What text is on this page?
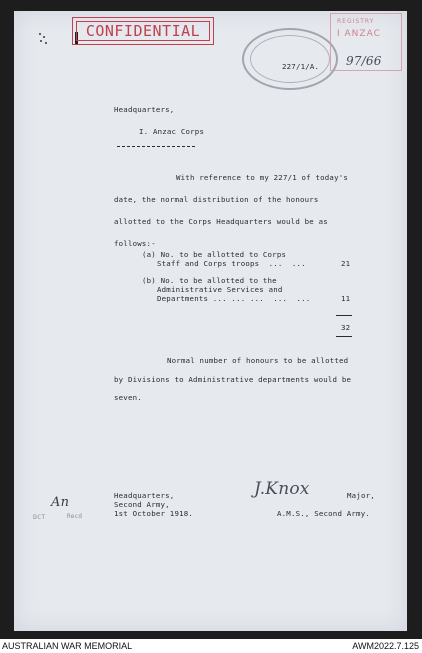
CONFIDENTIAL
REGISTRY
I ANZAC
97/66
227/1/A.
Headquarters,
I. Anzac Corps
With reference to my 227/1 of today's
date, the normal distribution of the honours
allotted to the Corps Headquarters would be as
follows:-
(a) No. to be allotted to Corps
Staff and Corps troops  ...  ...	21
(b) No. to be allotted to the
Administrative Services and
Departments ... ... ...  ...  ...	11
32
Normal number of honours to be allotted
by Divisions to Administrative departments would be
seven.
An
DCT	Recd
Headquarters,
Second Army,
1st October 1918.
J.Knox	Major,
A.M.S., Second Army.
AUSTRALIAN WAR MEMORIAL	AWM2022.7.125
